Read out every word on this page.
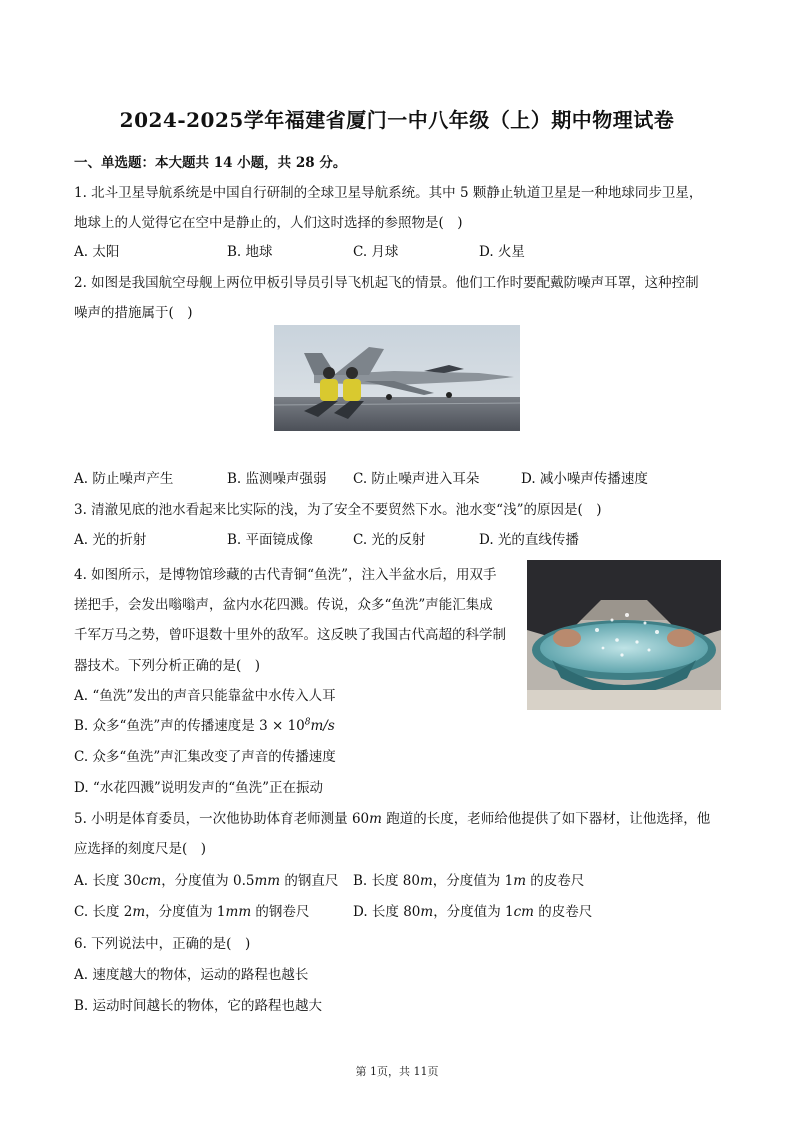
2024-2025学年福建省厦门一中八年级（上）期中物理试卷
一、单选题：本大题共 14 小题，共 28 分。
1. 北斗卫星导航系统是中国自行研制的全球卫星导航系统。其中 5 颗静止轨道卫星是一种地球同步卫星，
地球上的人觉得它在空中是静止的，人们这时选择的参照物是(　)
A. 太阳	B. 地球	C. 月球	D. 火星
2. 如图是我国航空母舰上两位甲板引导员引导飞机起飞的情景。他们工作时要配戴防噪声耳罩，这种控制
噪声的措施属于(　)
A. 防止噪声产生	B. 监测噪声强弱 C. 防止噪声进入耳朵	D. 减小噪声传播速度
3. 清澈见底的池水看起来比实际的浅，为了安全不要贸然下水。池水变“浅”的原因是(　)
A. 光的折射	B. 平面镜成像	C. 光的反射	D. 光的直线传播
4. 如图所示，是博物馆珍藏的古代青铜“鱼洗”，注入半盆水后，用双手
搓把手，会发出嗡嗡声，盆内水花四溅。传说，众多“鱼洗”声能汇集成
千军万马之势，曾吓退数十里外的敌军。这反映了我国古代高超的科学制
器技术。下列分析正确的是(　)
A. “鱼洗”发出的声音只能靠盆中水传入人耳
B. 众多“鱼洗”声的传播速度是 $3 \times 10^8m/s$
C. 众多“鱼洗”声汇集改变了声音的传播速度
D. “水花四溅”说明发声的“鱼洗”正在振动
5. 小明是体育委员，一次他协助体育老师测量 60m 跑道的长度，老师给他提供了如下器材，让他选择，他
应选择的刻度尺是(　)
A. 长度 30cm，分度值为 0.5mm 的钢直尺 B. 长度 80m，分度值为 1m 的皮卷尺
C. 长度 2m，分度值为 1mm 的钢卷尺	D. 长度 80m，分度值为 1cm 的皮卷尺
6. 下列说法中，正确的是(　)
A. 速度越大的物体，运动的路程也越长
B. 运动时间越长的物体，它的路程也越大
第 1页，共 11页
